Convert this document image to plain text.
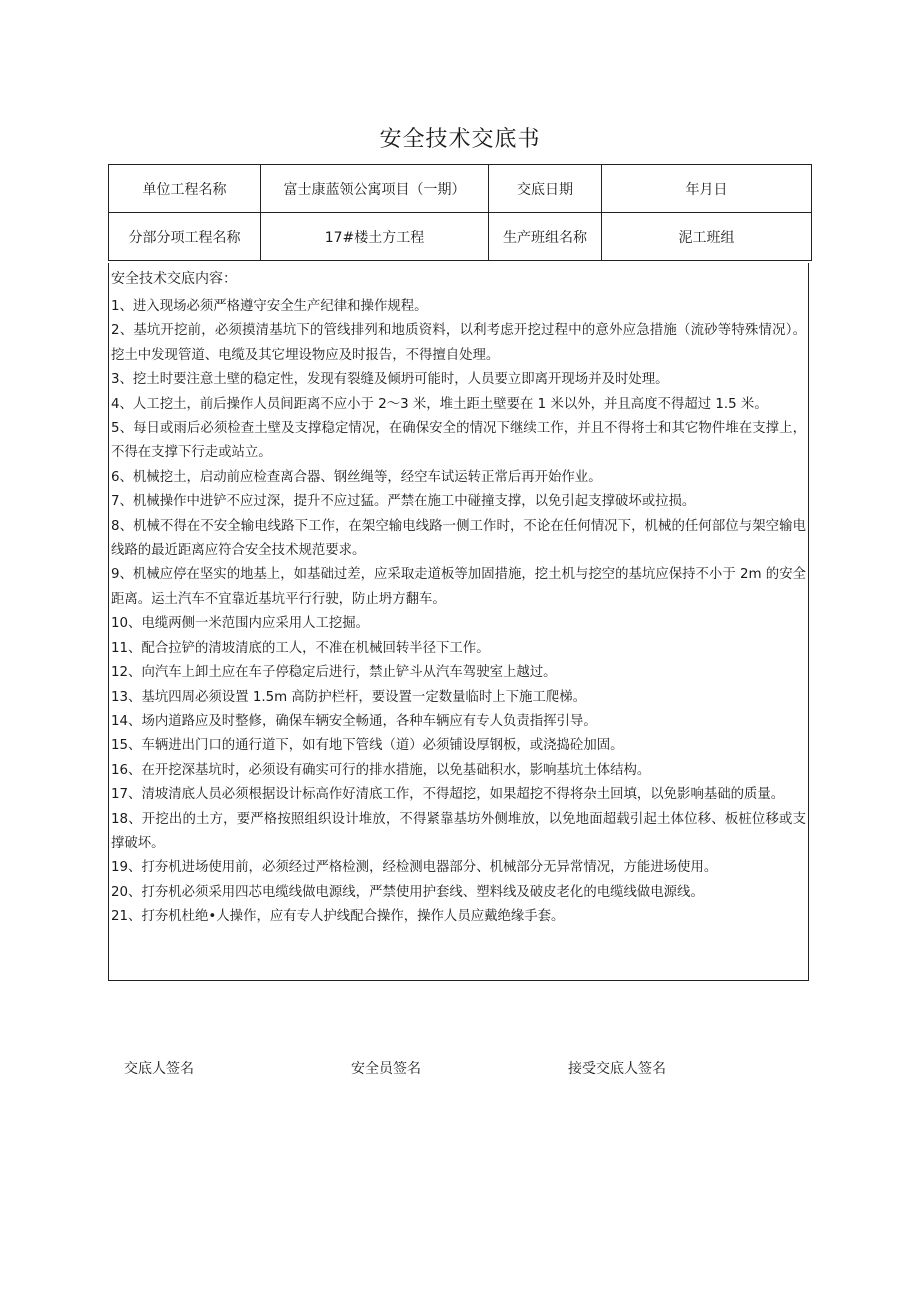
安全技术交底书
单位工程名称	富士康蓝领公寓项目（一期）	交底日期	年月日
分部分项工程名称	17#楼土方工程	生产班组名称	泥工班组
安全技术交底内容：
1、进入现场必须严格遵守安全生产纪律和操作规程。
2、基坑开挖前，必须摸清基坑下的管线排列和地质资料，以利考虑开挖过程中的意外应急措施（流砂等特殊情况）。挖土中发现管道、电缆及其它埋设物应及时报告，不得擅自处理。
3、挖土时要注意土壁的稳定性，发现有裂缝及倾坍可能时，人员要立即离开现场并及时处理。
4、人工挖土，前后操作人员间距离不应小于 2～3 米，堆土距土壁要在 1 米以外，并且高度不得超过 1.5 米。
5、每日或雨后必须检查土壁及支撑稳定情况，在确保安全的情况下继续工作，并且不得将士和其它物件堆在支撑上，不得在支撑下行走或站立。
6、机械挖土，启动前应检查离合器、钢丝绳等，经空车试运转正常后再开始作业。
7、机械操作中进铲不应过深，提升不应过猛。严禁在施工中碰撞支撑，以免引起支撑破坏或拉损。
8、机械不得在不安全输电线路下工作，在架空输电线路一侧工作时，不论在任何情况下，机械的任何部位与架空输电线路的最近距离应符合安全技术规范要求。
9、机械应停在坚实的地基上，如基础过差，应采取走道板等加固措施，挖土机与挖空的基坑应保持不小于 2m 的安全距离。运土汽车不宜靠近基坑平行行驶，防止坍方翻车。
10、电缆两侧一米范围内应采用人工挖掘。
11、配合拉铲的清坡清底的工人，不准在机械回转半径下工作。
12、向汽车上卸土应在车子停稳定后进行，禁止铲斗从汽车驾驶室上越过。
13、基坑四周必须设置 1.5m 高防护栏杆，要设置一定数量临时上下施工爬梯。
14、场内道路应及时整修，确保车辆安全畅通，各种车辆应有专人负责指挥引导。
15、车辆进出门口的通行道下，如有地下管线（道）必须铺设厚钢板，或浇捣砼加固。
16、在开挖深基坑时，必须设有确实可行的排水措施，以免基础积水，影响基坑土体结构。
17、清坡清底人员必须根据设计标高作好清底工作，不得超挖，如果超挖不得将杂土回填，以免影响基础的质量。
18、开挖出的土方，要严格按照组织设计堆放，不得紧靠基坊外侧堆放，以免地面超载引起土体位移、板桩位移或支撑破坏。
19、打夯机进场使用前，必须经过严格检测，经检测电器部分、机械部分无异常情况，方能进场使用。
20、打夯机必须采用四芯电缆线做电源线，严禁使用护套线、塑料线及破皮老化的电缆线做电源线。
21、打夯机杜绝•人操作，应有专人护线配合操作，操作人员应戴绝缘手套。
交底人签名	安全员签名	接受交底人签名
